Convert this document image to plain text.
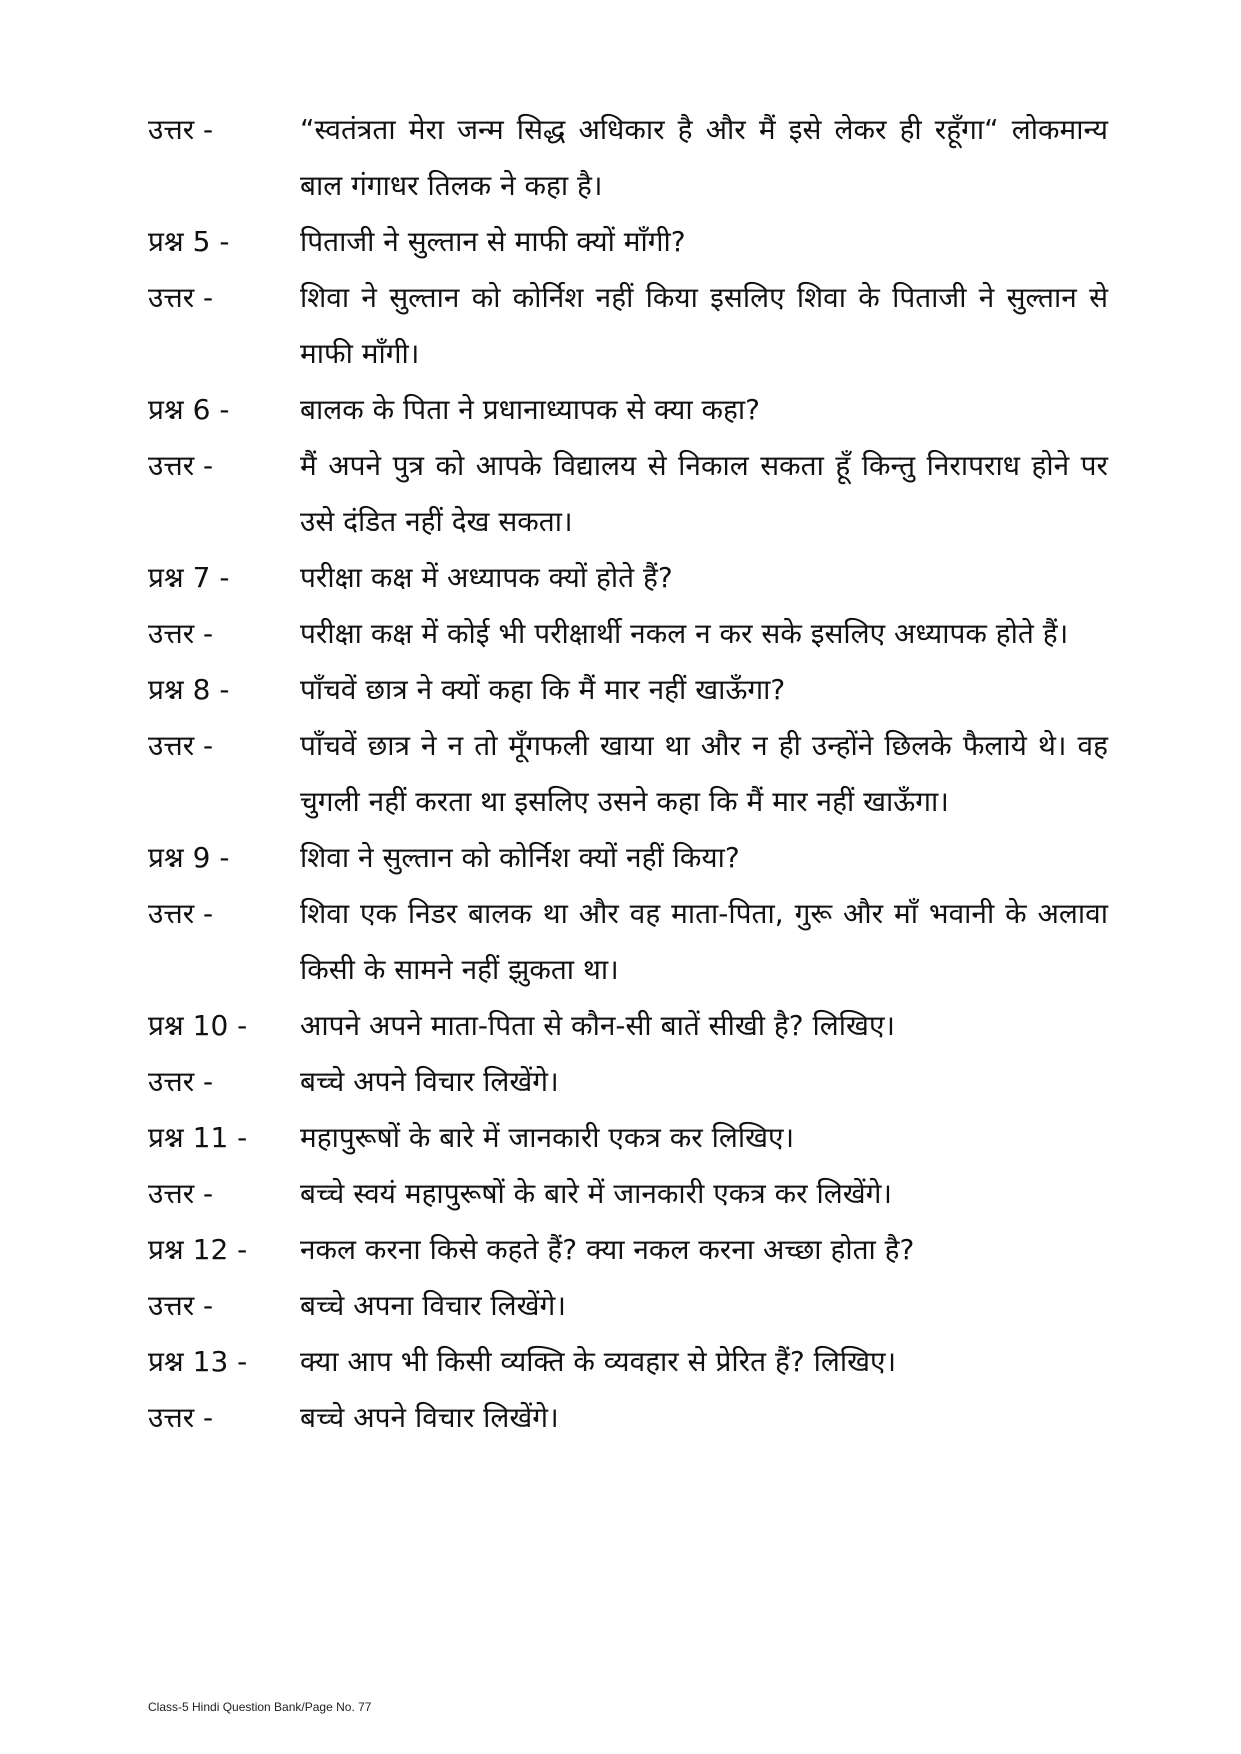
उत्तर -	“स्वतंत्रता मेरा जन्म सिद्ध अधिकार है और मैं इसे लेकर ही रहूँगा“ लोकमान्य बाल गंगाधर तिलक ने कहा है।
प्रश्न 5 -	पिताजी ने सुल्तान से माफी क्यों माँगी?
उत्तर -	शिवा ने सुल्तान को कोर्निश नहीं किया इसलिए शिवा के पिताजी ने सुल्तान से माफी माँगी।
प्रश्न 6 -	बालक के पिता ने प्रधानाध्यापक से क्या कहा?
उत्तर -	मैं अपने पुत्र को आपके विद्यालय से निकाल सकता हूँ किन्तु निरापराध होने पर उसे दंडित नहीं देख सकता।
प्रश्न 7 -	परीक्षा कक्ष में अध्यापक क्यों होते हैं?
उत्तर -	परीक्षा कक्ष में कोई भी परीक्षार्थी नकल न कर सके इसलिए अध्यापक होते हैं।
प्रश्न 8 -	पाँचवें छात्र ने क्यों कहा कि मैं मार नहीं खाऊँगा?
उत्तर -	पाँचवें छात्र ने न तो मूँगफली खाया था और न ही उन्होंने छिलके फैलाये थे। वह चुगली नहीं करता था इसलिए उसने कहा कि मैं मार नहीं खाऊँगा।
प्रश्न 9 -	शिवा ने सुल्तान को कोर्निश क्यों नहीं किया?
उत्तर -	शिवा एक निडर बालक था और वह माता-पिता, गुरू और माँ भवानी के अलावा किसी के सामने नहीं झुकता था।
प्रश्न 10 -	आपने अपने माता-पिता से कौन-सी बातें सीखी है? लिखिए।
उत्तर -	बच्चे अपने विचार लिखेंगे।
प्रश्न 11 -	महापुरूषों के बारे में जानकारी एकत्र कर लिखिए।
उत्तर -	बच्चे स्वयं महापुरूषों के बारे में जानकारी एकत्र कर लिखेंगे।
प्रश्न 12 -	नकल करना किसे कहते हैं? क्या नकल करना अच्छा होता है?
उत्तर -	बच्चे अपना विचार लिखेंगे।
प्रश्न 13 -	क्या आप भी किसी व्यक्ति के व्यवहार से प्रेरित हैं? लिखिए।
उत्तर -	बच्चे अपने विचार लिखेंगे।
Class-5 Hindi Question Bank/Page No. 77
